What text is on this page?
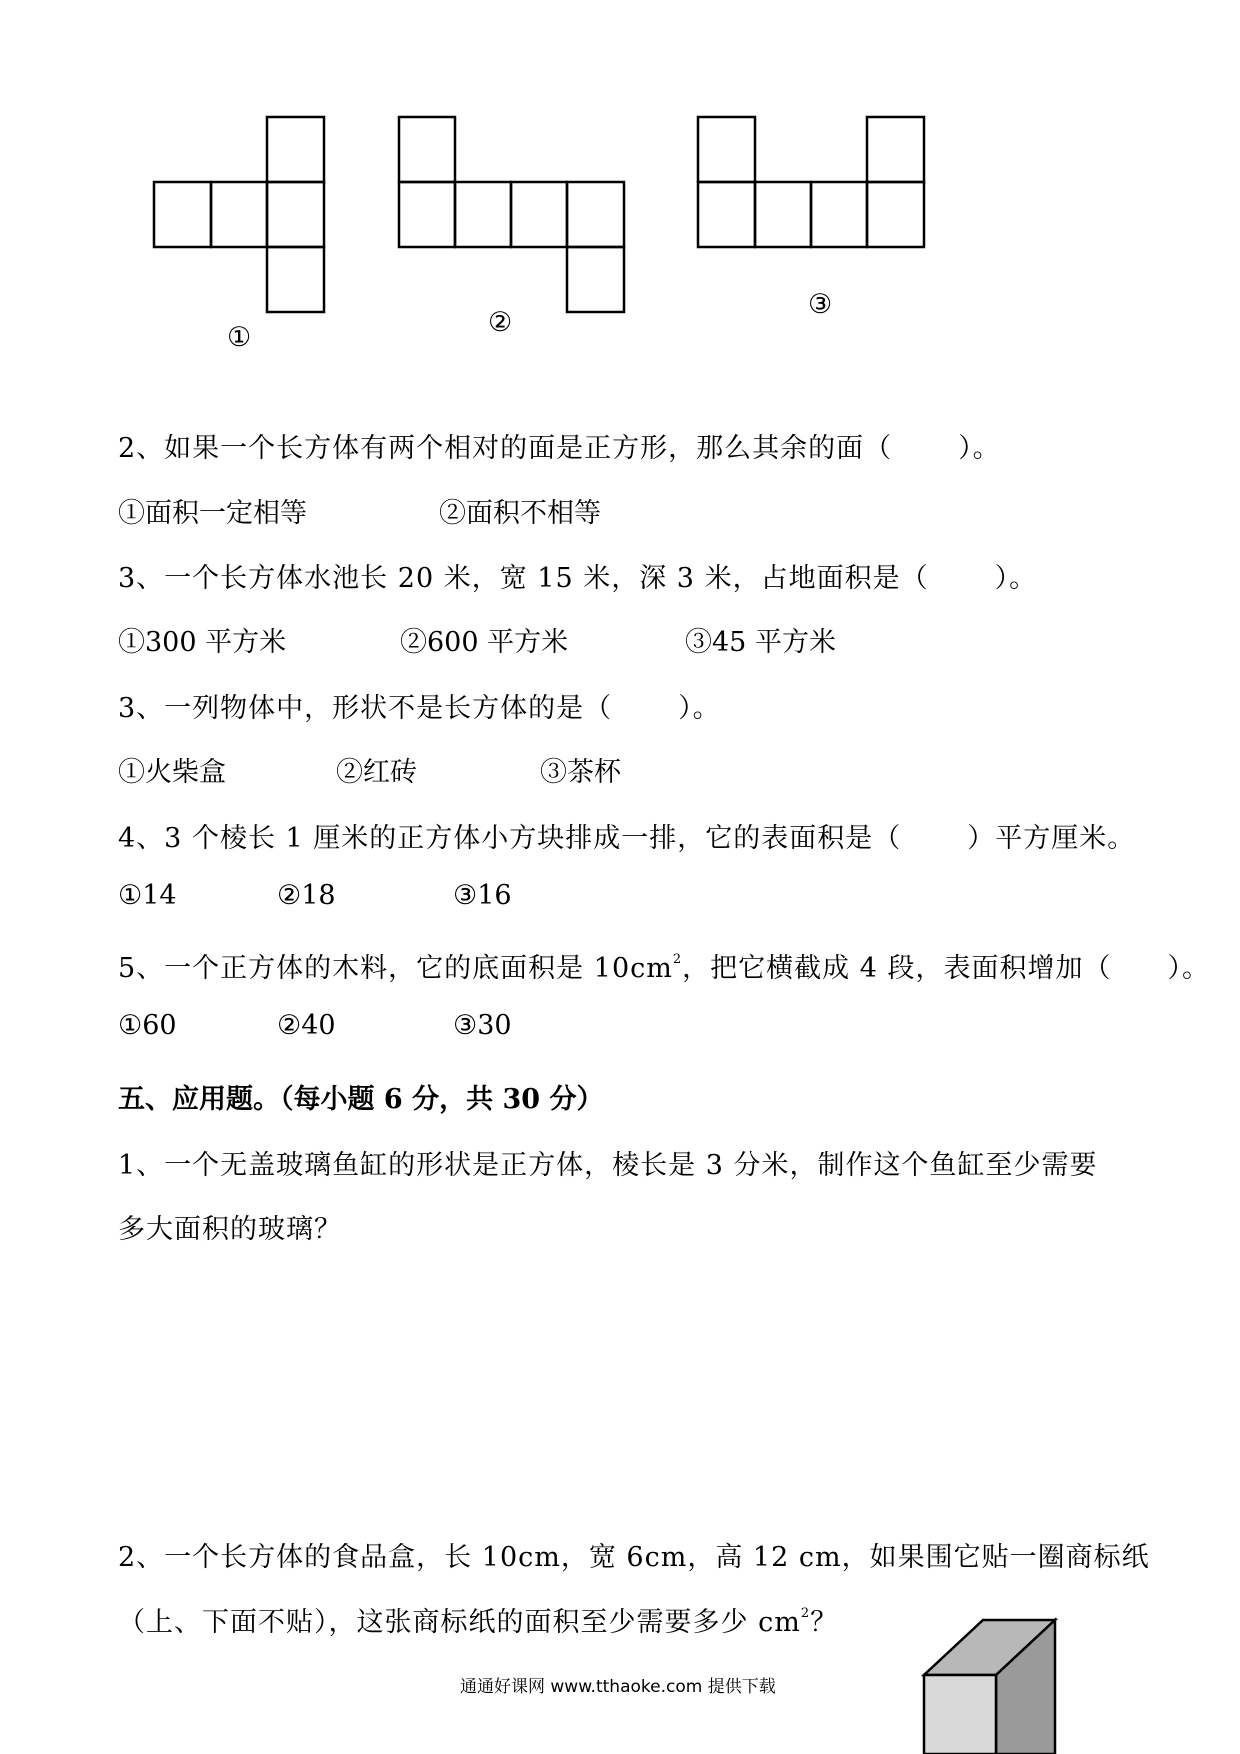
①	②
③
2、如果一个长方体有两个相对的面是正方形，那么其余的面（ ）。
①面积一定相等	②面积不相等
3、一个长方体水池长 20 米，宽 15 米，深 3 米，占地面积是（ ）。
①300 平方米	②600 平方米	③45 平方米
3、一列物体中，形状不是长方体的是（ ）。
①火柴盒	②红砖	③茶杯
4、3 个棱长 1 厘米的正方体小方块排成一排，它的表面积是（ ）平方厘米。
①14	②18	③16
5、一个正方体的木料，它的底面积是 $10cm^2$，把它横截成 4 段，表面积增加（　　）。
①60	②40	③30
五、应用题。（每小题 6 分，共 30 分）
1、一个无盖玻璃鱼缸的形状是正方体，棱长是 3 分米，制作这个鱼缸至少需要
多大面积的玻璃？
2、一个长方体的食品盒，长 10cm，宽 6cm，高 12 cm，如果围它贴一圈商标纸
（上、下面不贴），这张商标纸的面积至少需要多少 $cm^2$？
通通好课网 www.tthaoke.com 提供下载
